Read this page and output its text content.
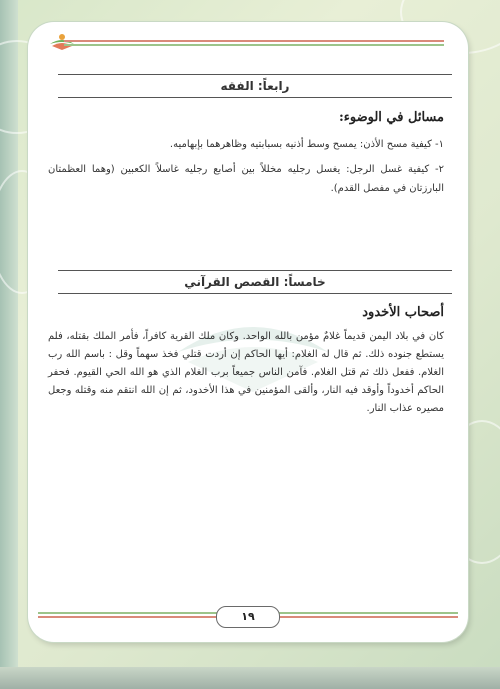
رابعاً: الفقه
مسائل في الوضوء:
١- كيفية مسح الأذن: يمسح وسط أذنيه بسبابتيه وظاهرهما بإبهاميه.
٢- كيفية غسل الرجل: يغسل رجليه مخللاً بين أصابع رجليه غاسلاً الكعبين (وهما العظمتان البارزتان في مفصل القدم).
خامساً: القصص القرآني
أصحاب الأخدود
كان في بلاد اليمن قديماً غلامٌ مؤمن بالله الواحد. وكان ملك القرية كافراً، فأمر الملك بقتله، فلم يستطع جنوده ذلك. ثم قال له الغلام: أيها الحاكم إن أردت قتلي فخذ سهماً وقل : باسم الله رب الغلام. ففعل ذلك ثم قتل الغلام. فآمن الناس جميعاً برب الغلام الذي هو الله الحي القيوم. فحفر الحاكم أخدوداً وأوقد فيه النار، وألقى المؤمنين في هذا الأخدود، ثم إن الله انتقم منه وقتله وجعل مصيره عذاب النار.
١٩
